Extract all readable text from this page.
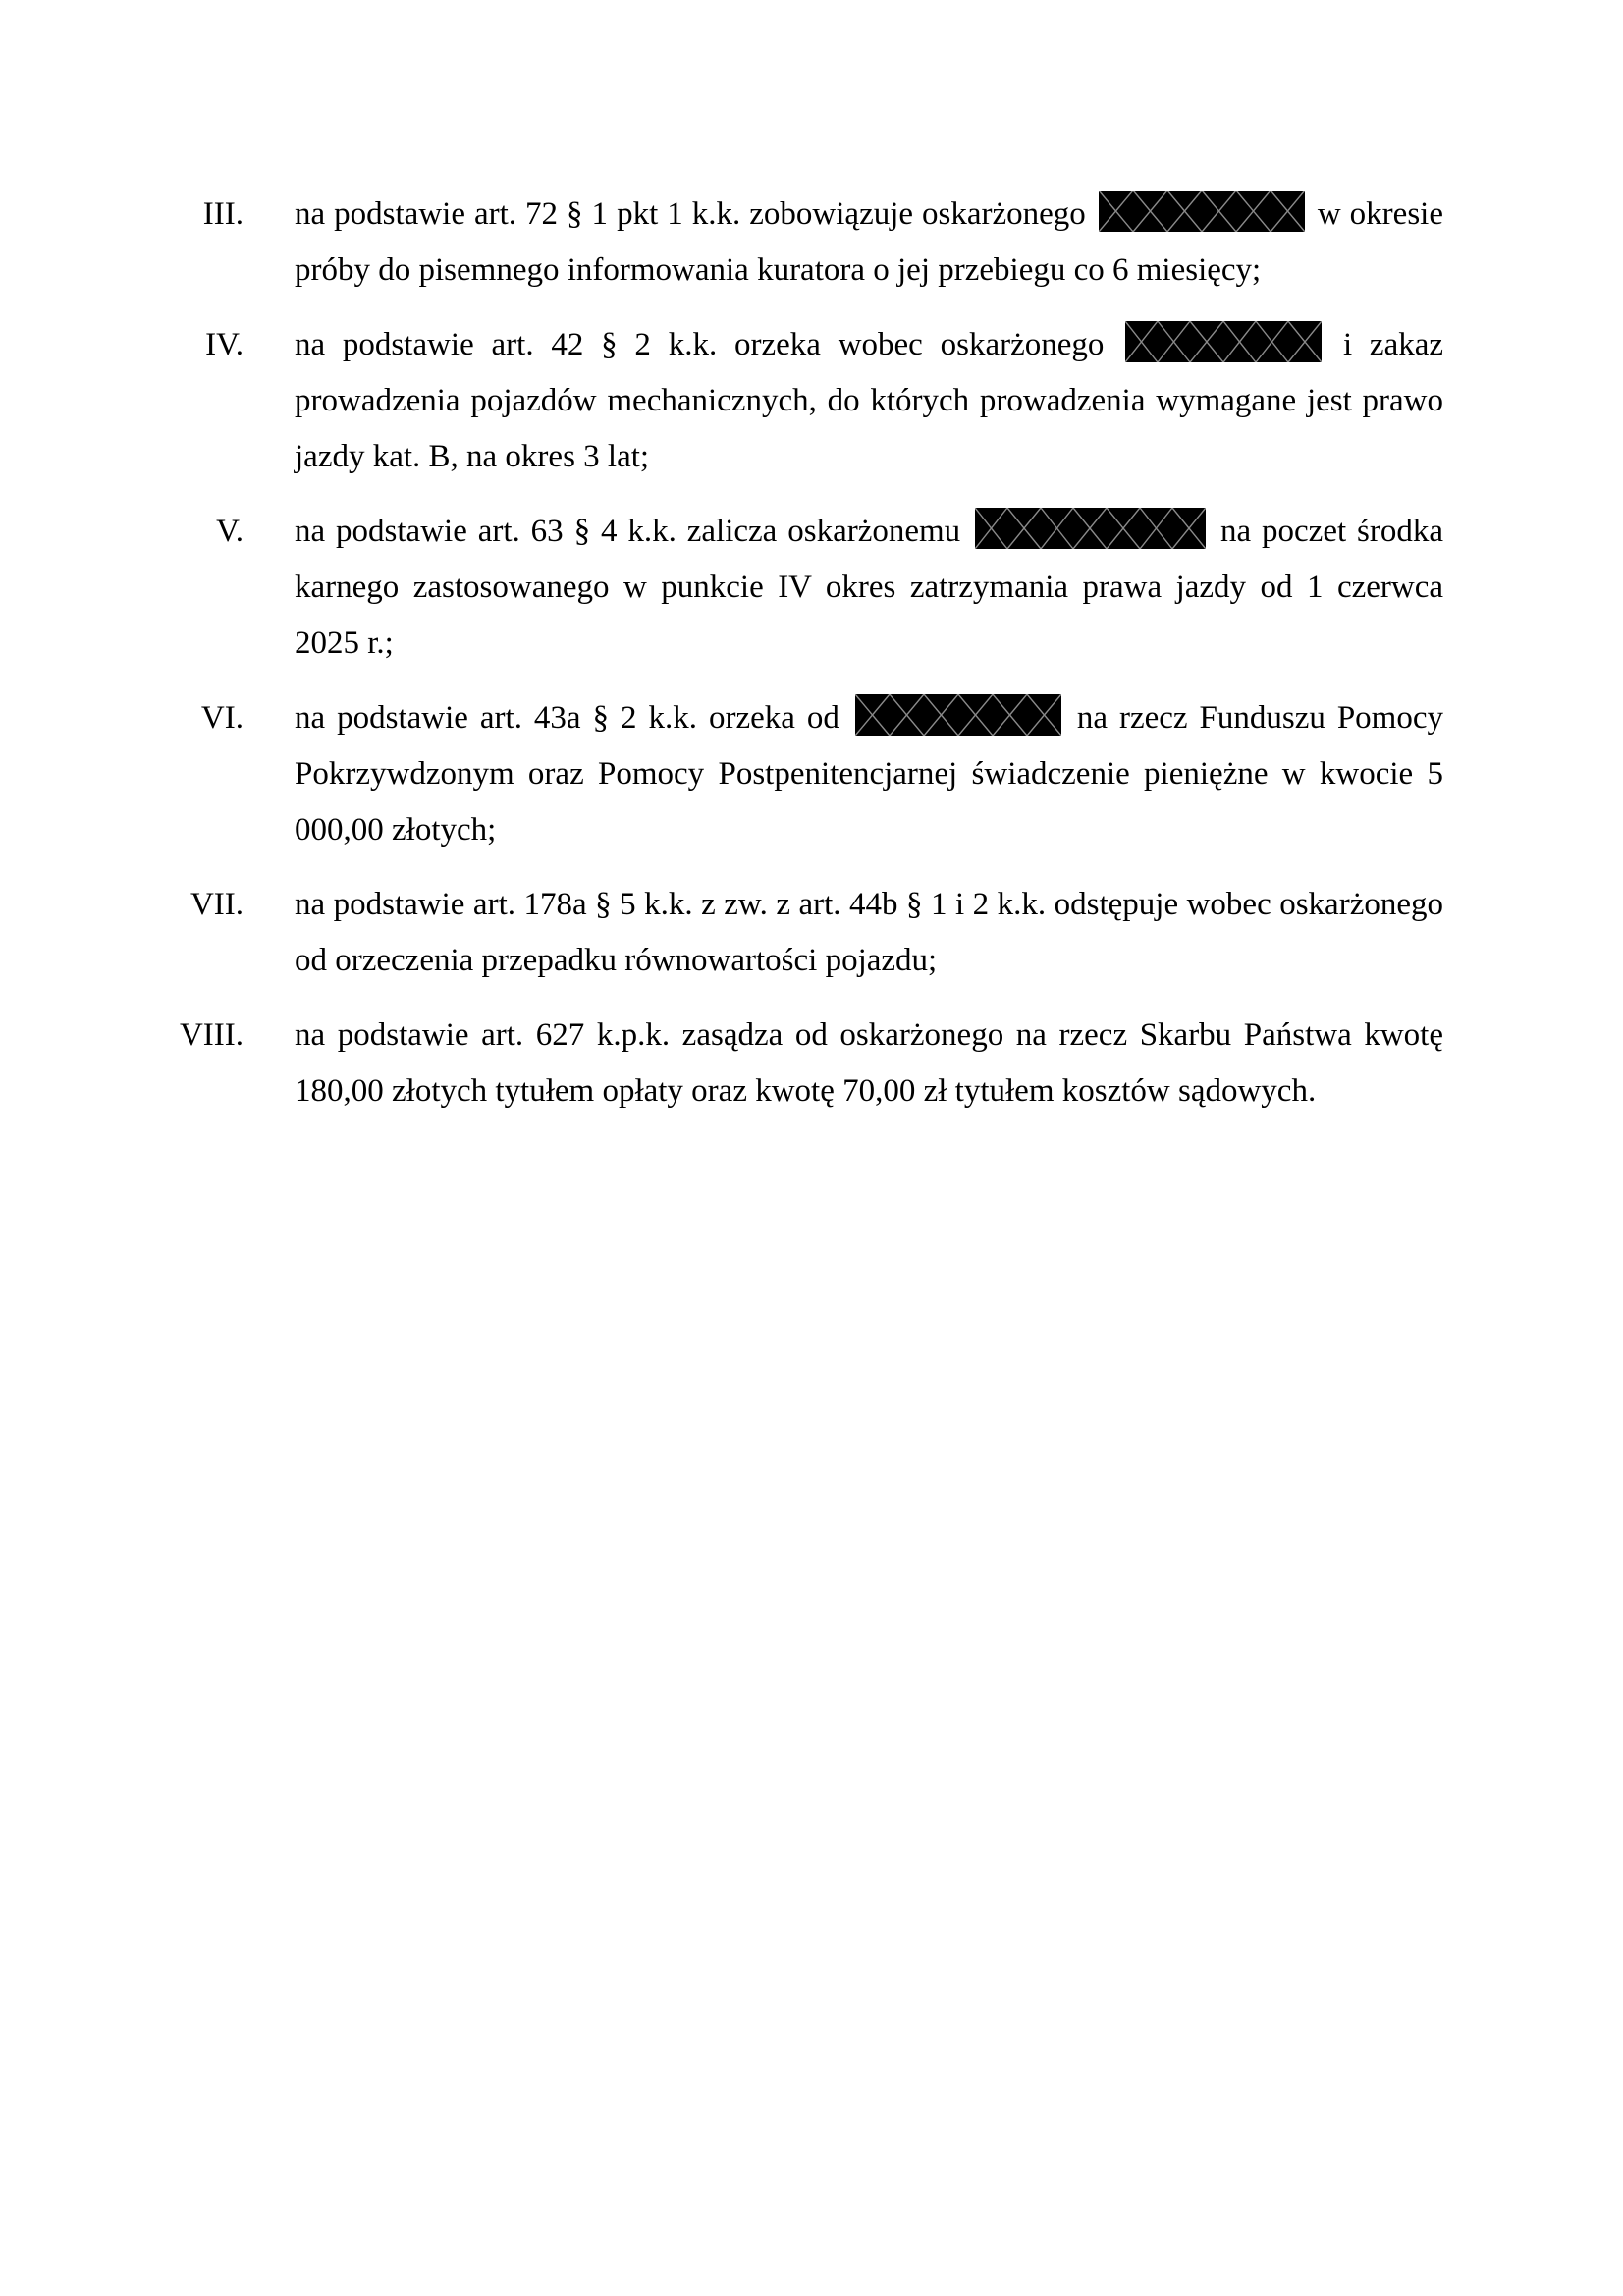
III. na podstawie art. 72 § 1 pkt 1 k.k. zobowiązuje oskarżonego	w okresie próby do pisemnego informowania kuratora o jej przebiegu co 6 miesięcy;
IV. na podstawie art. 42 § 2 k.k. orzeka wobec oskarżonego	i zakaz prowadzenia pojazdów mechanicznych, do których prowadzenia wymagane jest prawo jazdy kat. B, na okres 3 lat;
V. na podstawie art. 63 § 4 k.k. zalicza oskarżonemu	na poczet środka karnego zastosowanego w punkcie IV okres zatrzymania prawa jazdy od 1 czerwca 2025 r.;
VI. na podstawie art. 43a § 2 k.k. orzeka od	na rzecz Funduszu Pomocy Pokrzywdzonym oraz Pomocy Postpenitencjarnej świadczenie pieniężne w kwocie 5 000,00 złotych;
VII. na podstawie art. 178a § 5 k.k. z zw. z art. 44b § 1 i 2 k.k. odstępuje wobec oskarżonego od orzeczenia przepadku równowartości pojazdu;
VIII. na podstawie art. 627 k.p.k. zasądza od oskarżonego na rzecz Skarbu Państwa kwotę 180,00 złotych tytułem opłaty oraz kwotę 70,00 zł tytułem kosztów sądowych.
